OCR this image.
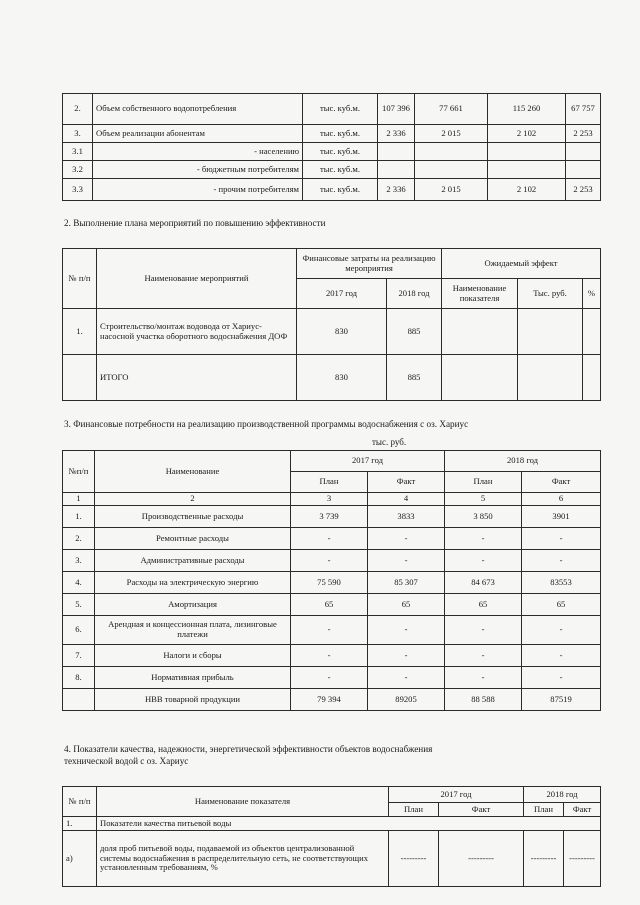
2.	Объем собственного водопотребления	тыс. куб.м.	107 396	77 661	115 260	67 757
3.	Объем реализации абонентам	тыс. куб.м.	2 336	2 015	2 102	2 253
3.1	- населению	тыс. куб.м.				
3.2	- бюджетным потребителям	тыс. куб.м.				
3.3	- прочим потребителям	тыс. куб.м.	2 336	2 015	2 102	2 253
2. Выполнение плана мероприятий по повышению эффективности
№ п/п	Наименование мероприятий	Финансовые затраты на реализацию мероприятия		Ожидаемый эффект		
		2017 год	2018 год	Наименование показателя	Тыс. руб.	%
1.	Строительство/монтаж водовода от Хариус-насосной участка оборотного водоснабжения ДОФ	830	885			
	ИТОГО	830	885			
3. Финансовые потребности на реализацию производственной программы водоснабжения с оз. Хариус
тыс. руб.
№п/п	Наименование	2017 год		2018 год	
		План	Факт	План	Факт
1	2	3	4	5	6
1.	Производственные расходы	3 739	3833	3 850	3901
2.	Ремонтные расходы	-	-	-	-
3.	Административные расходы	-	-	-	-
4.	Расходы на электрическую энергию	75 590	85 307	84 673	83553
5.	Амортизация	65	65	65	65
6.	Арендная и концессионная плата, лизинговые платежи	-	-	-	-
7.	Налоги и сборы	-	-	-	-
8.	Нормативная прибыль	-	-	-	-
	НВВ товарной продукции	79 394	89205	88 588	87519
4. Показатели качества, надежности, энергетической эффективности объектов водоснабжения
технической водой с оз. Хариус
№ п/п	Наименование показателя	2017 год		2018 год	
		План	Факт	План	Факт
1.	Показатели качества питьевой воды				
а)	доля проб питьевой воды, подаваемой из объектов централизованной системы водоснабжения в распределительную сеть, не соответствующих установленным требованиям, %	---------	---------	---------	---------
